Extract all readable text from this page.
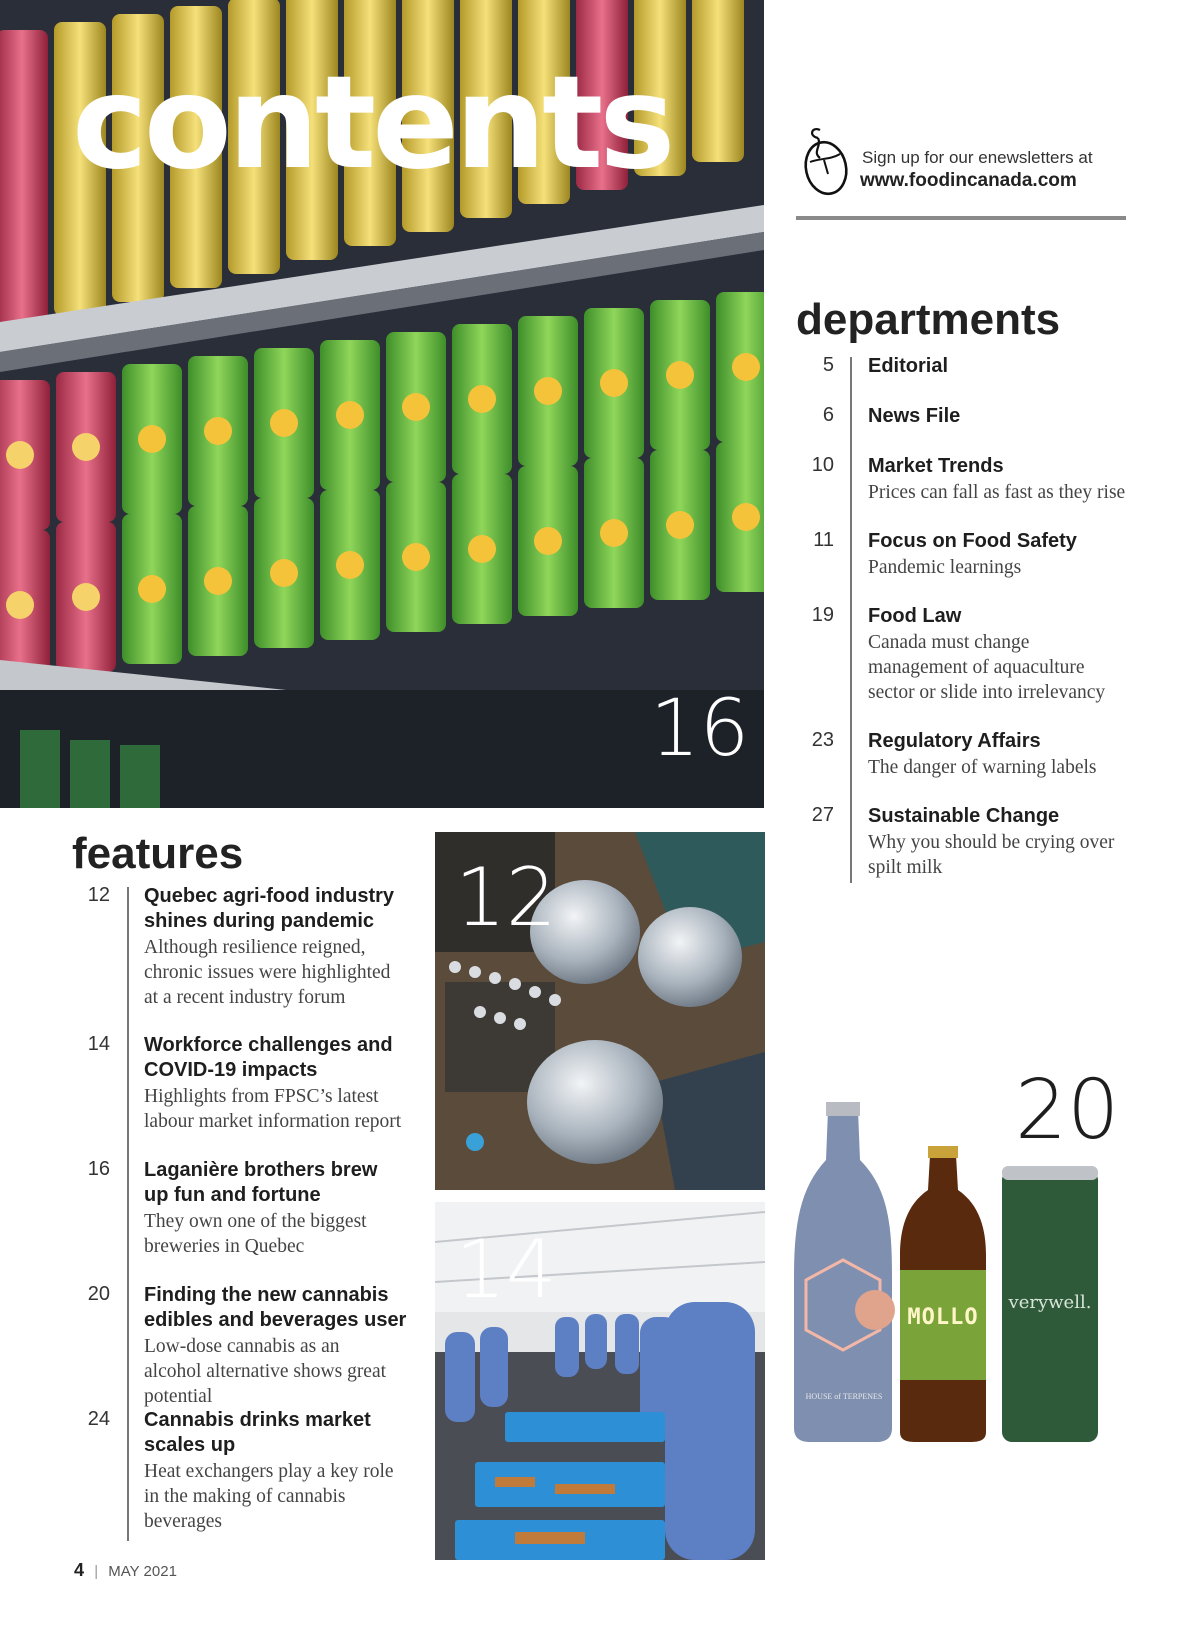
contents
16
Sign up for our enewsletters at
www.foodincanada.com
departments
5 Editorial
6 News File
10 Market Trends
Prices can fall as fast as they rise
11 Focus on Food Safety
Pandemic learnings
19 Food Law
Canada must change management of aquaculture sector or slide into irrelevancy
23 Regulatory Affairs
The danger of warning labels
27 Sustainable Change
Why you should be crying over spilt milk
features
12 Quebec agri-food industry shines during pandemic
Although resilience reigned, chronic issues were highlighted at a recent industry forum
14 Workforce challenges and COVID-19 impacts
Highlights from FPSC’s latest labour market information report
16 Laganière brothers brew up fun and fortune
They own one of the biggest breweries in Quebec
20 Finding the new cannabis edibles and beverages user
Low-dose cannabis as an alcohol alternative shows great potential
24 Cannabis drinks market scales up
Heat exchangers play a key role in the making of cannabis beverages
12
14
HOUSE of TERPENES
MOLLO
verywell.
20
4 | MAY 2021
